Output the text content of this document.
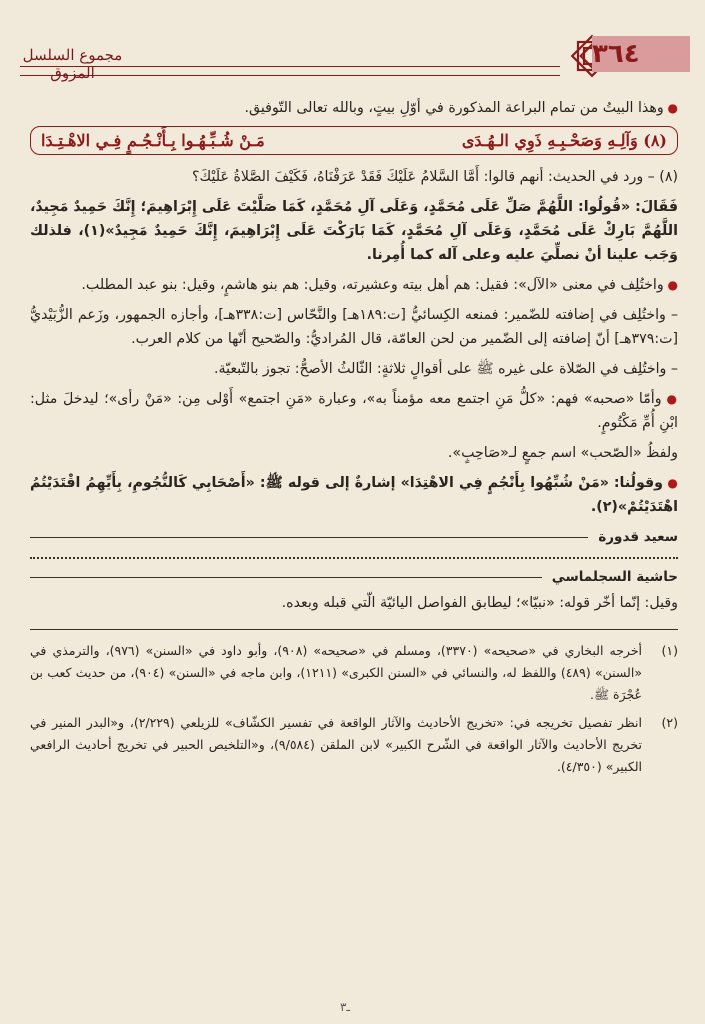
مجموع السلسل المزوق
٣٦٤

● وهذا البيتُ من تمام البراعة المذكورة في أوّلِ بيتٍ، وبالله تعالى التّوفيق.

(٨) وَآلِـهِ وَصَحْـبِـهِ ذَوِي الـهُـدَى
مَـنْ شُـبِّـهُـوا بِـأَنْـجُـمٍ فِـي الاهْـتِـدَا

(٨) – ورد في الحديث: أنهم قالوا: أَمَّا السَّلامُ عَلَيْكَ فَقَدْ عَرَفْنَاهُ، فَكَيْفَ الصَّلاةُ عَلَيْكَ؟

فَقَالَ: «قُولُوا: اللَّهُمَّ صَلِّ عَلَى مُحَمَّدٍ، وَعَلَى آلِ مُحَمَّدٍ، كَمَا صَلَّيْتَ عَلَى إِبْرَاهِيمَ؛ إِنَّكَ حَمِيدٌ مَجِيدٌ، اللَّهُمَّ بَارِكْ عَلَى مُحَمَّدٍ، وَعَلَى آلِ مُحَمَّدٍ، كَمَا بَارَكْتَ عَلَى إِبْرَاهِيمَ، إِنَّكَ حَمِيدٌ مَجِيدٌ»(١)، فلذلك وَجَب علينا أنْ نصلِّيَ عليه وعلى آله كما أُمِرنا.

● واختُلِف في معنى «الآل»: فقيل: هم أهل بيته وعشيرته، وقيل: هم بنو هاشمٍ، وقيل: بنو عبد المطلب.

– واختُلِف في إضافته للضّمير: فمنعه الكِسائيُّ [ت:١٨٩هـ] والنَّحّاس [ت:٣٣٨هـ]، وأجازه الجمهور، وزَعم الزُّبَيْديُّ [ت:٣٧٩هـ] أنّ إضافته إلى الضّمير من لحن العامّة، قال المُراديُّ: والصّحيح أنّها من كلام العرب.

– واختُلِف في الصّلاة على غيره ﷺ على أقوالٍ ثلاثةٍ: الثّالثُ الأصحُّ: تجوز بالتّبعيّة.

● وأمّا «صحبه» فهم: «كلُّ مَنِ اجتمع معه مؤمناً به»، وعبارة «مَنِ اجتمع» أَوْلى مِن: «مَنْ رأى»؛ ليدخلَ مثل: ابْنِ أُمِّ مَكْتُومٍ.

ولفظُ «الصّحب» اسم جمعٍ لـ«صَاحِبٍ».

● وقولُنا: «مَنْ شُبِّهُوا بِأَنْجُمٍ فِي الاهْتِدَا» إشارةٌ إلى قوله ﷺ: «أَصْحَابِي كَالنُّجُومِ، بِأَيِّهِمُ اقْتَدَيْتُمُ اهْتَدَيْتُمْ»(٢).

سعيد قدورة
حاشية السجلماسي

وقيل: إنّما أخّر قوله: «نبيّا»؛ ليطابق الفواصل اليائيّة الّتي قبله وبعده.

(١)
أخرجه البخاري في «صحيحه» (٣٣٧٠)، ومسلم في «صحيحه» (٩٠٨)، وأبو داود في «السنن» (٩٧٦)، والترمذي في «السنن» (٤٨٩) واللفظ له، والنسائي في «السنن الكبرى» (١٢١١)، وابن ماجه في «السنن» (٩٠٤)، من حديث كعب بن عُجْرَة ﷺ.
(٢)
انظر تفصيل تخريجه في: «تخريج الأحاديث والآثار الواقعة في تفسير الكشّاف» للزيلعي (٢/٢٢٩)، و«البدر المنير في تخريج الأحاديث والآثار الواقعة في الشّرح الكبير» لابن الملقن (٩/٥٨٤)، و«التلخيص الحبير في تخريج أحاديث الرافعي الكبير» (٤/٣٥٠).
ـ٣
